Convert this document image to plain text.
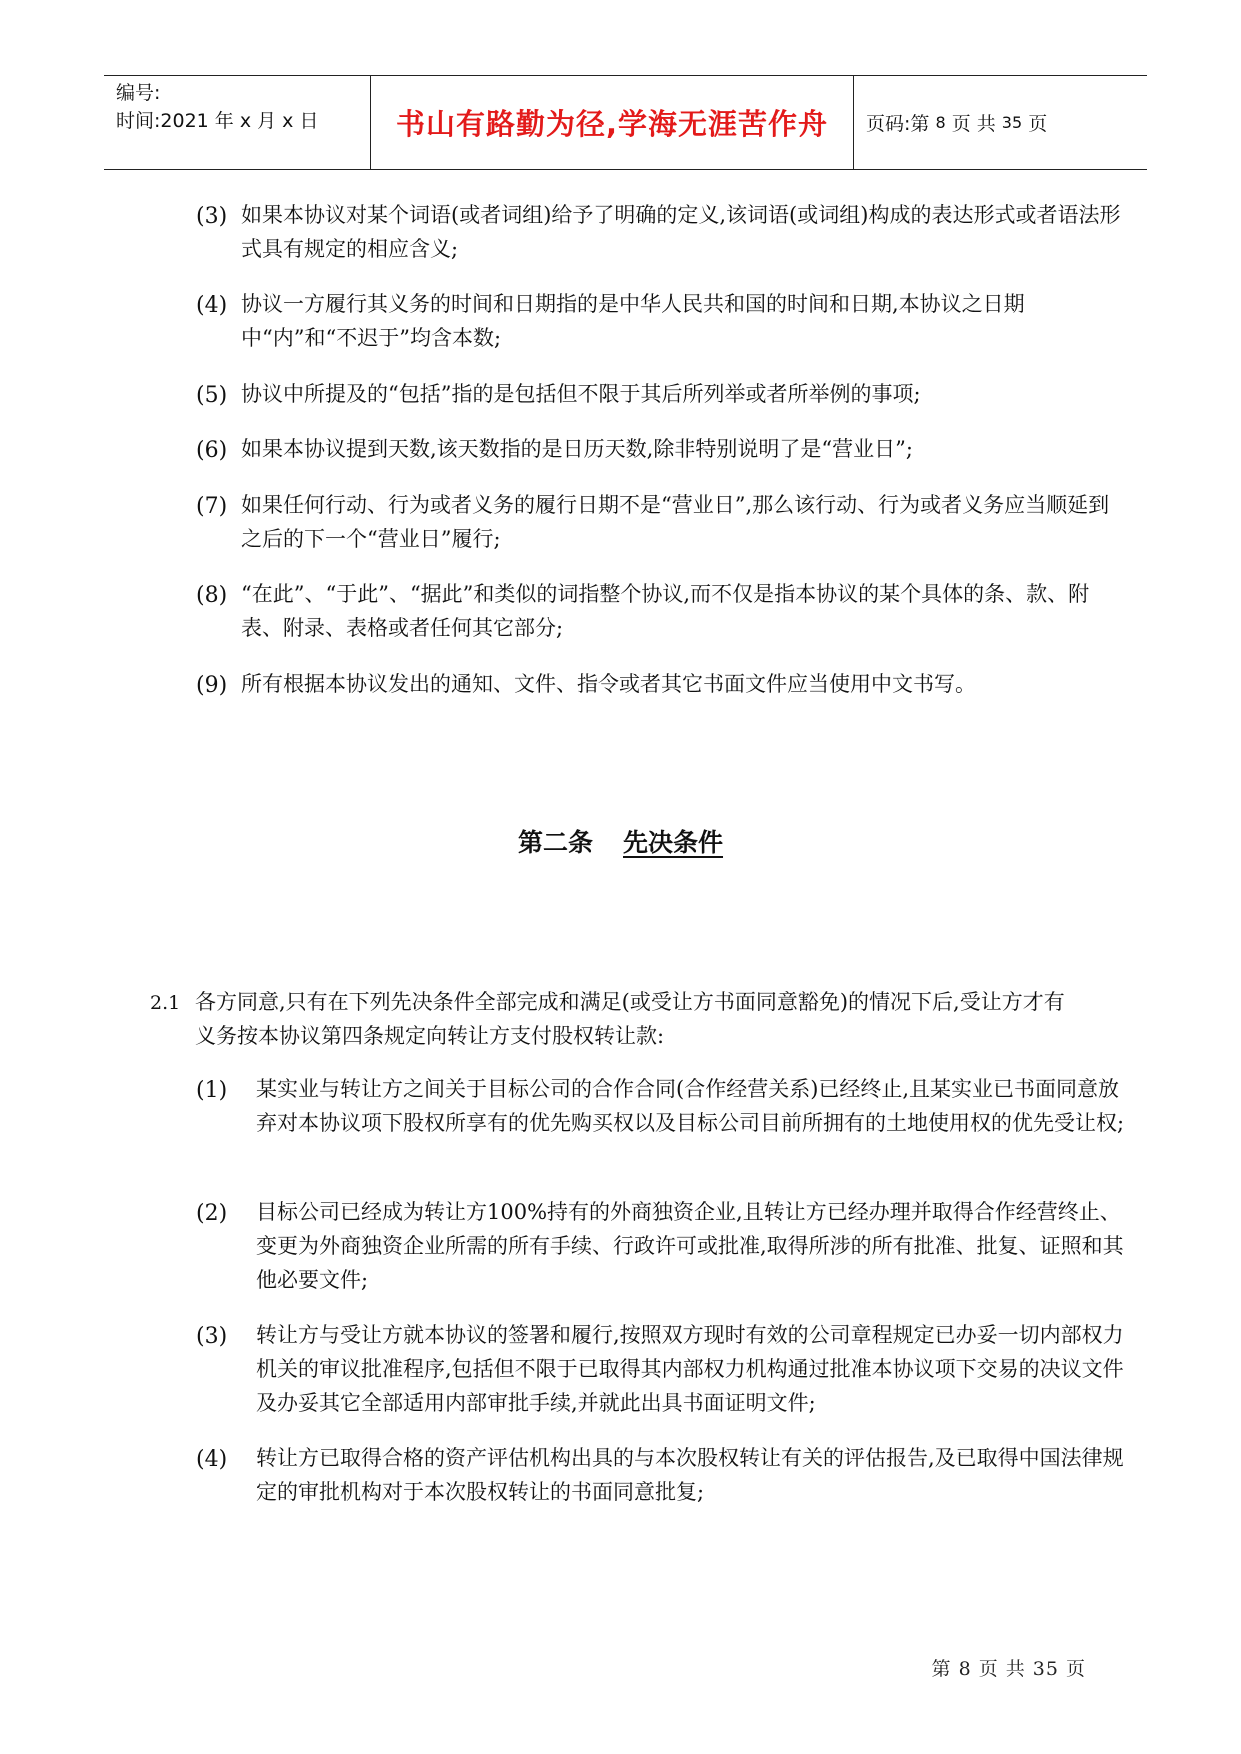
编号:
时间:2021 年 x 月 x 日	书山有路勤为径,学海无涯苦作舟	页码:第
8
页 共
35
页
(3) 如果本协议对某个词语(或者词组)给予了明确的定义,该词语(或词组)构成的表达形式或者语法形式具有规定的相应含义;
(4) 协议一方履行其义务的时间和日期指的是中华人民共和国的时间和日期,本协议之日期中“内”和“不迟于”均含本数;
(5) 协议中所提及的“包括”指的是包括但不限于其后所列举或者所举例的事项;
(6) 如果本协议提到天数,该天数指的是日历天数,除非特别说明了是“营业日”;
(7) 如果任何行动、行为或者义务的履行日期不是“营业日”,那么该行动、行为或者义务应当顺延到之后的下一个“营业日”履行;
(8) “在此”、“于此”、“据此”和类似的词指整个协议,而不仅是指本协议的某个具体的条、款、附表、附录、表格或者任何其它部分;
(9) 所有根据本协议发出的通知、文件、指令或者其它书面文件应当使用中文书写。
第二条 先决条件
2.1 各方同意,只有在下列先决条件全部完成和满足(或受让方书面同意豁免)的情况下后,受让方才有义务按本协议第四条规定向转让方支付股权转让款:
(1) 某实业与转让方之间关于目标公司的合作合同(合作经营关系)已经终止,且某实业已书面同意放弃对本协议项下股权所享有的优先购买权以及目标公司目前所拥有的土地使用权的优先受让权;
(2) 目标公司已经成为转让方100%持有的外商独资企业,且转让方已经办理并取得合作经营终止、变更为外商独资企业所需的所有手续、行政许可或批准,取得所涉的所有批准、批复、证照和其他必要文件;
(3) 转让方与受让方就本协议的签署和履行,按照双方现时有效的公司章程规定已办妥一切内部权力机关的审议批准程序,包括但不限于已取得其内部权力机构通过批准本协议项下交易的决议文件及办妥其它全部适用内部审批手续,并就此出具书面证明文件;
(4) 转让方已取得合格的资产评估机构出具的与本次股权转让有关的评估报告,及已取得中国法律规定的审批机构对于本次股权转让的书面同意批复;
第 8 页 共 35 页
